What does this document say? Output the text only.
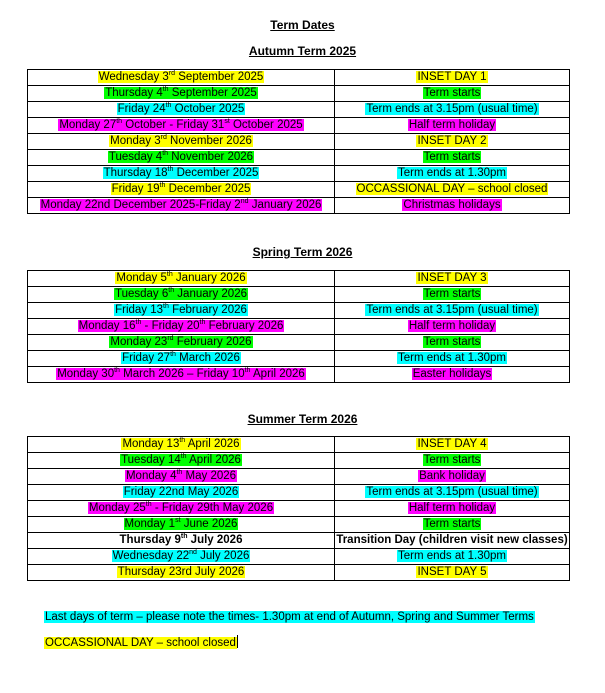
Term Dates
Autumn Term 2025
Wednesday 3rd September 2025	INSET DAY 1
Thursday 4th September 2025	Term starts
Friday 24th October 2025	Term ends at 3.15pm (usual time)
Monday 27th October - Friday 31st October 2025	Half term holiday
Monday 3rd November 2026	INSET DAY 2
Tuesday 4th November 2026	Term starts
Thursday 18th December 2025	Term ends at 1.30pm
Friday 19th December 2025	OCCASSIONAL DAY – school closed
Monday 22nd December 2025-Friday 2nd January 2026	Christmas holidays
Spring Term 2026
Monday 5th January 2026	INSET DAY 3
Tuesday 6th January 2026	Term starts
Friday 13th February 2026	Term ends at 3.15pm (usual time)
Monday 16th - Friday 20th February 2026	Half term holiday
Monday 23rd February 2026	Term starts
Friday 27th March 2026	Term ends at 1.30pm
Monday 30th March 2026 – Friday 10th April 2026	Easter holidays
Summer Term 2026
Monday 13th April 2026	INSET DAY 4
Tuesday 14th April 2026	Term starts
Monday 4th May 2026	Bank holiday
Friday 22nd May 2026	Term ends at 3.15pm (usual time)
Monday 25th - Friday 29th May 2026	Half term holiday
Monday 1st June 2026	Term starts
Thursday 9th July 2026	Transition Day (children visit new classes)
Wednesday 22nd July 2026	Term ends at 1.30pm
Thursday 23rd July 2026	INSET DAY 5
Last days of term – please note the times- 1.30pm at end of Autumn, Spring and Summer Terms
OCCASSIONAL DAY – school closed
